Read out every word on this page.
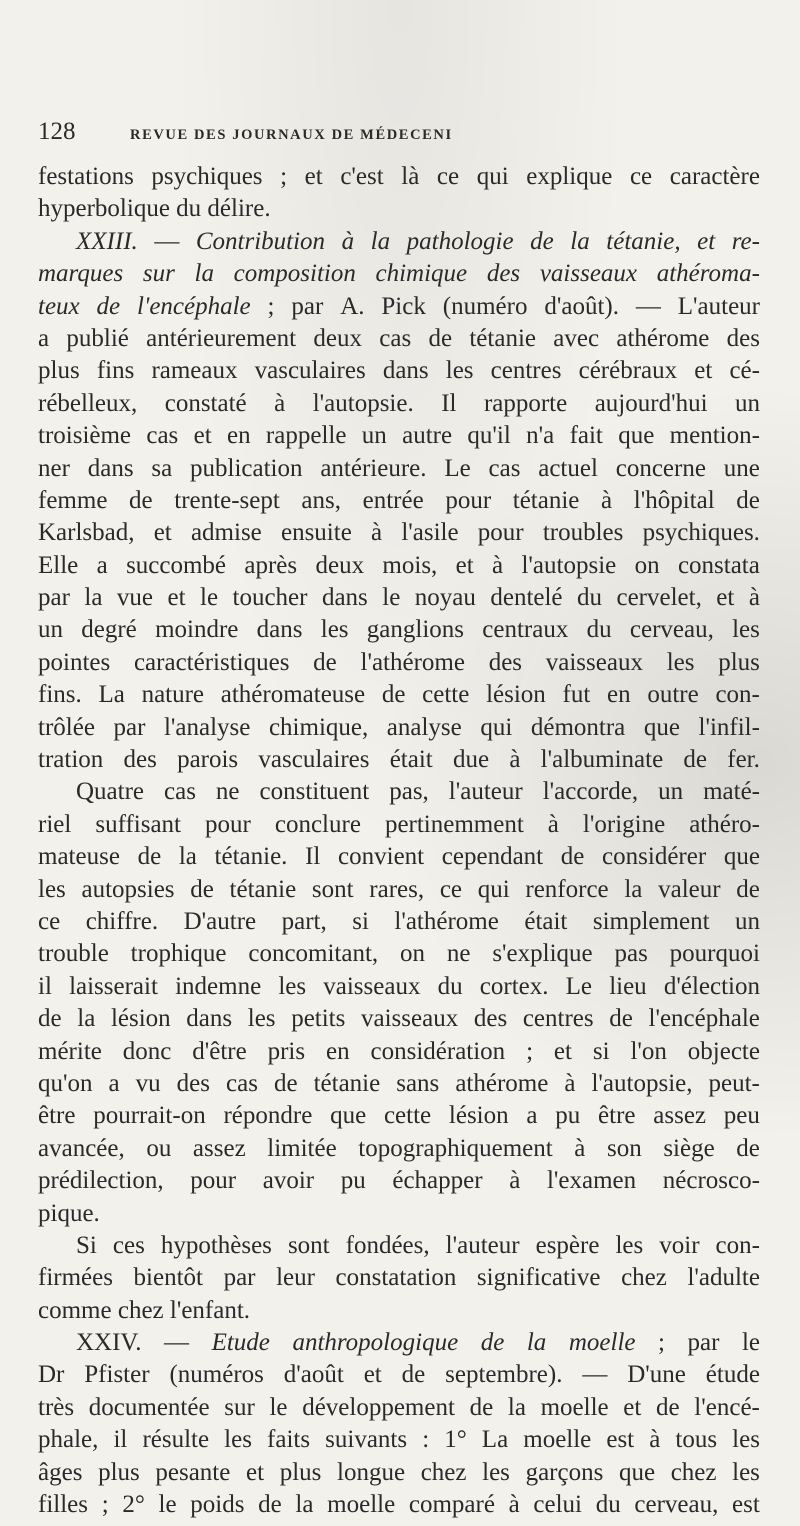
128	REVUE DES JOURNAUX DE MÉDECENI
festations psychiques ; et c'est là ce qui explique ce caractère
hyperbolique du délire.
XXIII. — Contribution à la pathologie de la tétanie, et re-
marques sur la composition chimique des vaisseaux athéroma-
teux de l'encéphale ; par A. Pick (numéro d'août). — L'auteur
a publié antérieurement deux cas de tétanie avec athérome des
plus fins rameaux vasculaires dans les centres cérébraux et cé-
rébelleux, constaté à l'autopsie. Il rapporte aujourd'hui un
troisième cas et en rappelle un autre qu'il n'a fait que mention-
ner dans sa publication antérieure. Le cas actuel concerne une
femme de trente-sept ans, entrée pour tétanie à l'hôpital de
Karlsbad, et admise ensuite à l'asile pour troubles psychiques.
Elle a succombé après deux mois, et à l'autopsie on constata
par la vue et le toucher dans le noyau dentelé du cervelet, et à
un degré moindre dans les ganglions centraux du cerveau, les
pointes caractéristiques de l'athérome des vaisseaux les plus
fins. La nature athéromateuse de cette lésion fut en outre con-
trôlée par l'analyse chimique, analyse qui démontra que l'infil-
tration des parois vasculaires était due à l'albuminate de fer.
Quatre cas ne constituent pas, l'auteur l'accorde, un maté-
riel suffisant pour conclure pertinemment à l'origine athéro-
mateuse de la tétanie. Il convient cependant de considérer que
les autopsies de tétanie sont rares, ce qui renforce la valeur de
ce chiffre. D'autre part, si l'athérome était simplement un
trouble trophique concomitant, on ne s'explique pas pourquoi
il laisserait indemne les vaisseaux du cortex. Le lieu d'élection
de la lésion dans les petits vaisseaux des centres de l'encéphale
mérite donc d'être pris en considération ; et si l'on objecte
qu'on a vu des cas de tétanie sans athérome à l'autopsie, peut-
être pourrait-on répondre que cette lésion a pu être assez peu
avancée, ou assez limitée topographiquement à son siège de
prédilection, pour avoir pu échapper à l'examen nécrosco-
pique.
Si ces hypothèses sont fondées, l'auteur espère les voir con-
firmées bientôt par leur constatation significative chez l'adulte
comme chez l'enfant.
XXIV. — Etude anthropologique de la moelle ; par le
Dr Pfister (numéros d'août et de septembre). — D'une étude
très documentée sur le développement de la moelle et de l'encé-
phale, il résulte les faits suivants : 1° La moelle est à tous les
âges plus pesante et plus longue chez les garçons que chez les
filles ; 2° le poids de la moelle comparé à celui du cerveau, est
